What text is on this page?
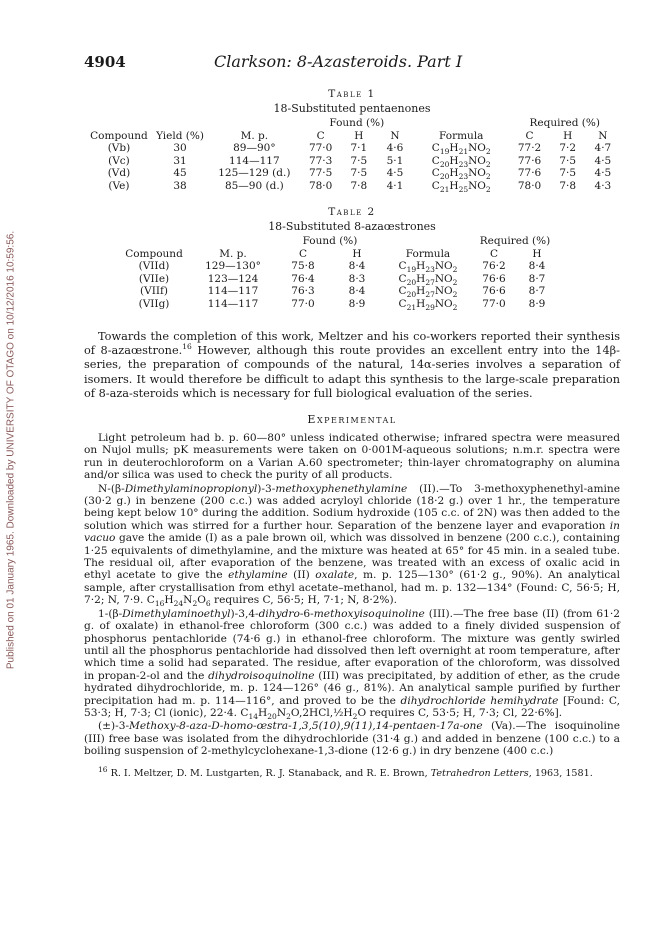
Published on 01 January 1965. Downloaded by UNIVERSITY OF OTAGO on 10/12/2016 10:59:56.
4904	Clarkson: 8-Azasteroids. Part I
Table 1
18-Substituted pentaenones
			Found (%)				Required (%)		
Compound	Yield (%)	M. p.	C	H	N	Formula	C	H	N
(Vb)	30	89—90°	77·0	7·1	4·6	$C_{19}H_{21}NO_2$	77·2	7·2	4·7
(Vc)	31	114—117	77·3	7·5	5·1	$C_{20}H_{23}NO_2$	77·6	7·5	4·5
(Vd)	45	125—129 (d.)	77·5	7·5	4·5	$C_{20}H_{23}NO_2$	77·6	7·5	4·5
(Ve)	38	85—90 (d.)	78·0	7·8	4·1	$C_{21}H_{25}NO_2$	78·0	7·8	4·3
Table 2
18-Substituted 8-azaœstrones
		Found (%)			Required (%)	
Compound	M. p.	C	H	Formula	C	H
(VIId)	129—130°	75·8	8·4	$C_{19}H_{23}NO_2$	76·2	8·4
(VIIe)	123—124	76·4	8·3	$C_{20}H_{27}NO_2$	76·6	8·7
(VIIf)	114—117	76·3	8·4	$C_{20}H_{27}NO_2$	76·6	8·7
(VIIg)	114—117	77·0	8·9	$C_{21}H_{29}NO_2$	77·0	8·9

Towards the completion of this work, Meltzer and his co-workers reported their synthesis of 8-azaœstrone.$^{16}$ However, although this route provides an excellent entry into the 14β-series, the preparation of compounds of the natural, 14α-series involves a separation of isomers. It would therefore be difficult to adapt this synthesis to the large-scale preparation of 8-aza-steroids which is necessary for full biological evaluation of the series.

Experimental

Light petroleum had b. p. 60—80° unless indicated otherwise; infrared spectra were measured on Nujol mulls; pK measurements were taken on 0·001M-aqueous solutions; n.m.r. spectra were run in deuterochloroform on a Varian A.60 spectrometer; thin-layer chromatography on alumina and/or silica was used to check the purity of all products.

N-(β-Dimethylaminopropionyl)-3-methoxyphenethylamine (II).—To 3-methoxyphenethyl-amine (30·2 g.) in benzene (200 c.c.) was added acryloyl chloride (18·2 g.) over 1 hr., the temperature being kept below 10° during the addition. Sodium hydroxide (105 c.c. of 2N) was then added to the solution which was stirred for a further hour. Separation of the benzene layer and evaporation in vacuo gave the amide (I) as a pale brown oil, which was dissolved in benzene (200 c.c.), containing 1·25 equivalents of dimethylamine, and the mixture was heated at 65° for 45 min. in a sealed tube. The residual oil, after evaporation of the benzene, was treated with an excess of oxalic acid in ethyl acetate to give the ethylamine (II) oxalate, m. p. 125—130° (61·2 g., 90%). An analytical sample, after crystallisation from ethyl acetate–methanol, had m. p. 132—134° (Found: C, 56·5; H, 7·2; N, 7·9. $C_{16}H_{24}N_2O_6$ requires C, 56·5; H, 7·1; N, 8·2%).

1-(β-Dimethylaminoethyl)-3,4-dihydro-6-methoxyisoquinoline (III).—The free base (II) (from 61·2 g. of oxalate) in ethanol-free chloroform (300 c.c.) was added to a finely divided suspension of phosphorus pentachloride (74·6 g.) in ethanol-free chloroform. The mixture was gently swirled until all the phosphorus pentachloride had dissolved then left overnight at room temperature, after which time a solid had separated. The residue, after evaporation of the chloroform, was dissolved in propan-2-ol and the dihydroisoquinoline (III) was precipitated, by addition of ether, as the crude hydrated dihydrochloride, m. p. 124—126° (46 g., 81%). An analytical sample purified by further precipitation had m. p. 114—116°, and proved to be the dihydrochloride hemihydrate [Found: C, 53·3; H, 7·3; Cl (ionic), 22·4. $C_{14}H_{20}N_2O,2HCl,\frac{1}{2}H_2O$ requires C, 53·5; H, 7·3; Cl, 22·6%].

(±)-3-Methoxy-8-aza-D-homo-œstra-1,3,5(10),9(11),14-pentaen-17a-one (Va).—The isoquinoline (III) free base was isolated from the dihydrochloride (31·4 g.) and added in benzene (100 c.c.) to a boiling suspension of 2-methylcyclohexane-1,3-dione (12·6 g.) in dry benzene (400 c.c.)

$^{16}$ R. I. Meltzer, D. M. Lustgarten, R. J. Stanaback, and R. E. Brown, Tetrahedron Letters, 1963, 1581.
